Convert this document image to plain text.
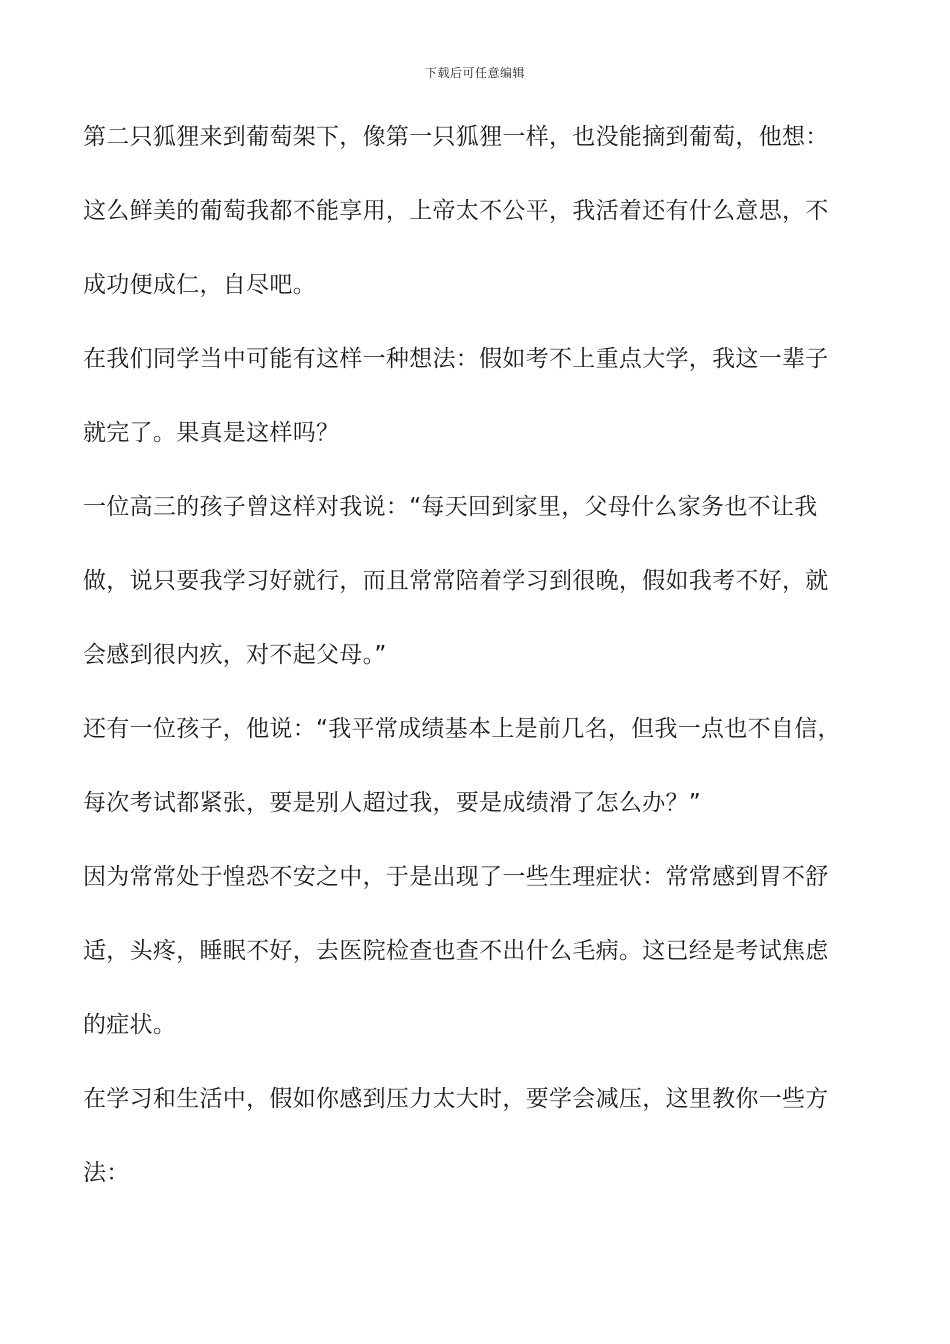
下载后可任意编辑
第二只狐狸来到葡萄架下，像第一只狐狸一样，也没能摘到葡萄，他想：
这么鲜美的葡萄我都不能享用，上帝太不公平，我活着还有什么意思，不
成功便成仁，自尽吧。
在我们同学当中可能有这样一种想法：假如考不上重点大学，我这一辈子
就完了。果真是这样吗？
一位高三的孩子曾这样对我说：“每天回到家里，父母什么家务也不让我
做，说只要我学习好就行，而且常常陪着学习到很晚，假如我考不好，就
会感到很内疚，对不起父母。”
还有一位孩子，他说：“我平常成绩基本上是前几名，但我一点也不自信，
每次考试都紧张，要是别人超过我，要是成绩滑了怎么办？”
因为常常处于惶恐不安之中，于是出现了一些生理症状：常常感到胃不舒
适，头疼，睡眠不好，去医院检查也查不出什么毛病。这已经是考试焦虑
的症状。
在学习和生活中，假如你感到压力太大时，要学会减压，这里教你一些方
法：
